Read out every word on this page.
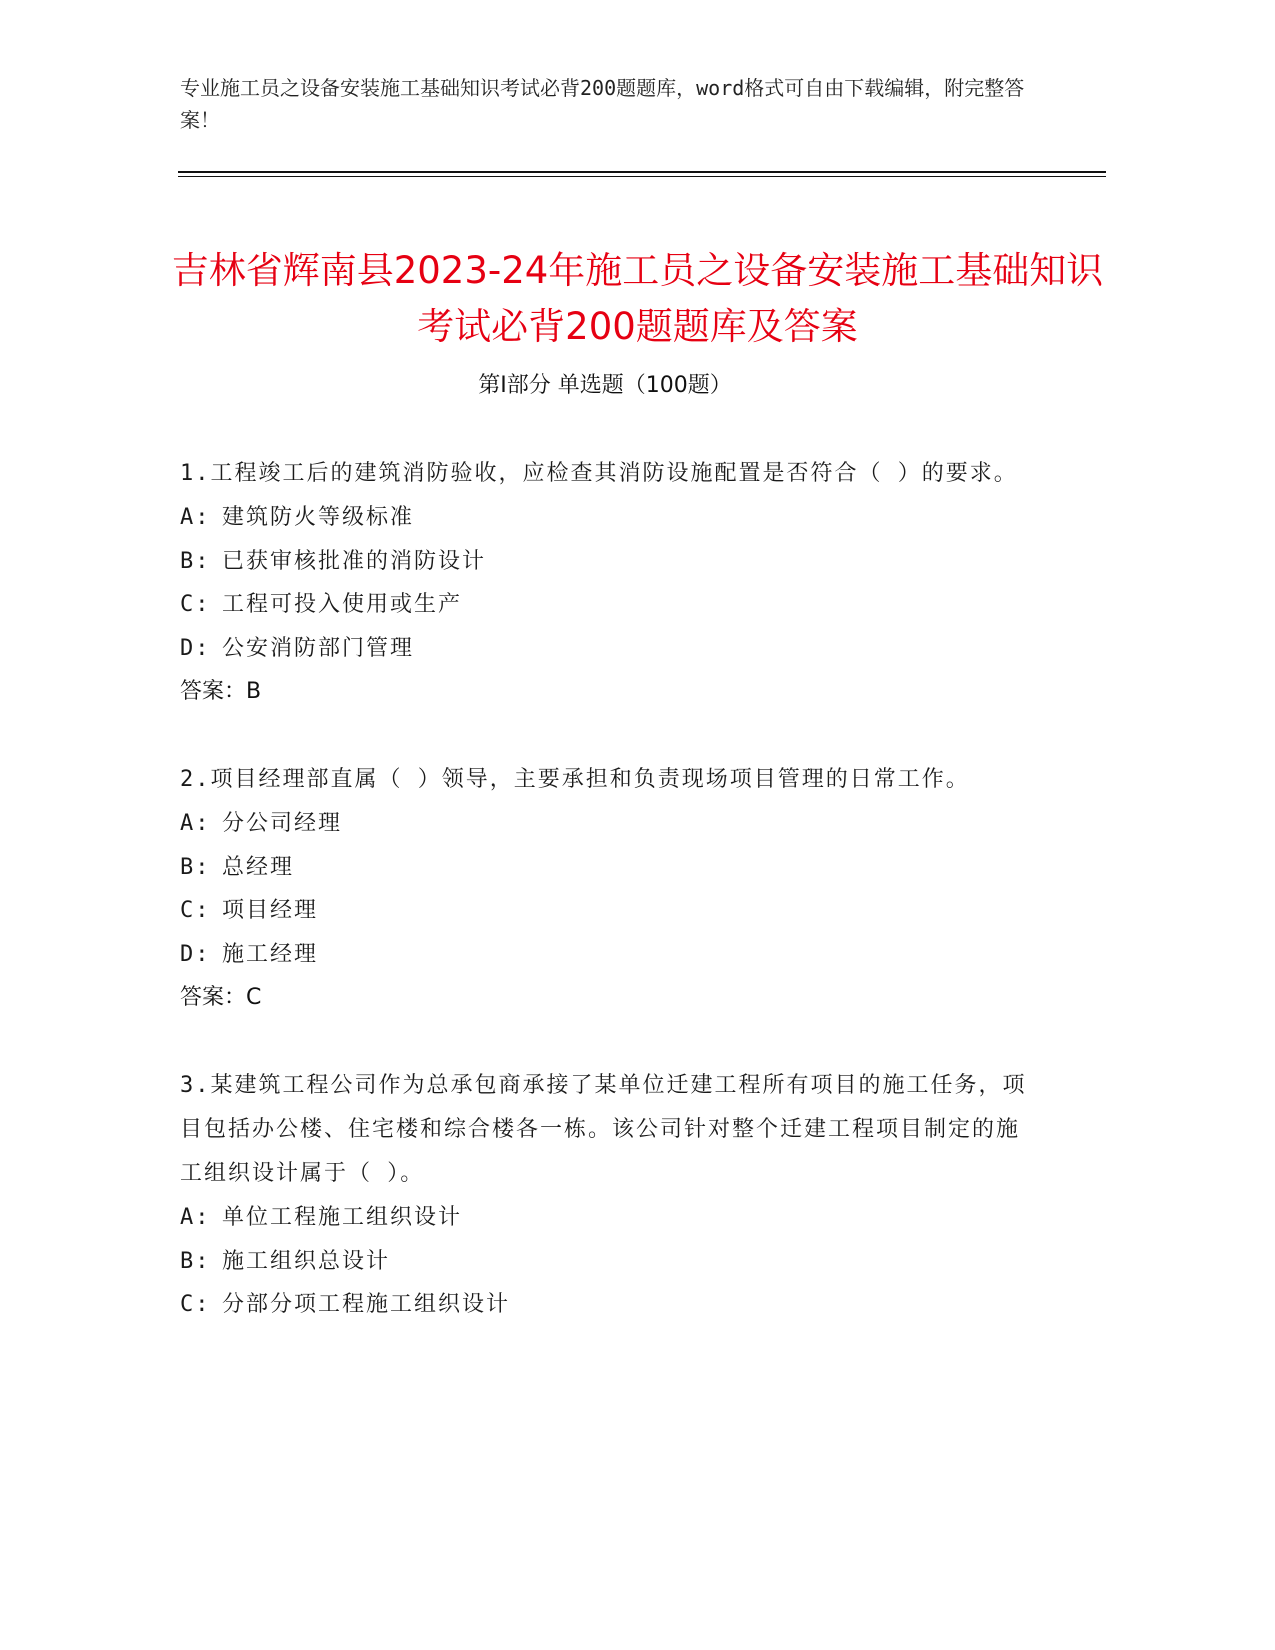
专业施工员之设备安装施工基础知识考试必背200题题库，word格式可自由下载编辑，附完整答案！
吉林省辉南县2023-24年施工员之设备安装施工基础知识考试必背200题题库及答案
第Ⅰ部分 单选题（100题）
1.工程竣工后的建筑消防验收，应检查其消防设施配置是否符合（ ）的要求。
A: 建筑防火等级标准
B: 已获审核批准的消防设计
C: 工程可投入使用或生产
D: 公安消防部门管理
答案：B
2.项目经理部直属（ ）领导，主要承担和负责现场项目管理的日常工作。
A: 分公司经理
B: 总经理
C: 项目经理
D: 施工经理
答案：C
3.某建筑工程公司作为总承包商承接了某单位迁建工程所有项目的施工任务，项目包括办公楼、住宅楼和综合楼各一栋。该公司针对整个迁建工程项目制定的施工组织设计属于（ ）。
A: 单位工程施工组织设计
B: 施工组织总设计
C: 分部分项工程施工组织设计
